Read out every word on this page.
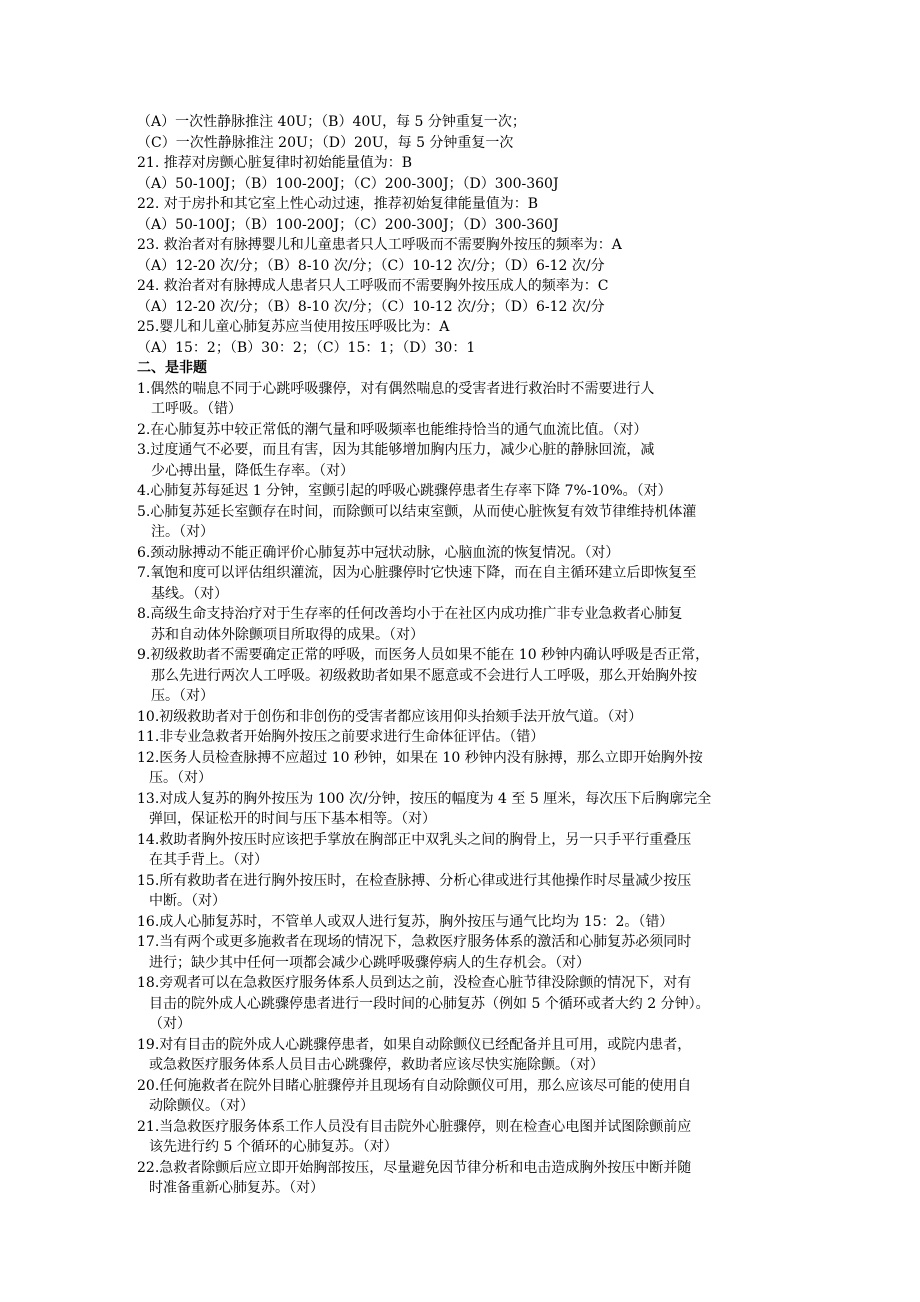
（A）一次性静脉推注 40U；（B）40U，每 5 分钟重复一次；
（C）一次性静脉推注 20U；（D）20U，每 5 分钟重复一次
21. 推荐对房颤心脏复律时初始能量值为：B
（A）50-100J；（B）100-200J；（C）200-300J；（D）300-360J
22. 对于房扑和其它室上性心动过速，推荐初始复律能量值为：B
（A）50-100J；（B）100-200J；（C）200-300J；（D）300-360J
23. 救治者对有脉搏婴儿和儿童患者只人工呼吸而不需要胸外按压的频率为：A
（A）12-20 次/分；（B）8-10 次/分；（C）10-12 次/分；（D）6-12 次/分
24. 救治者对有脉搏成人患者只人工呼吸而不需要胸外按压成人的频率为：C
（A）12-20 次/分；（B）8-10 次/分；（C）10-12 次/分；（D）6-12 次/分
25.婴儿和儿童心肺复苏应当使用按压呼吸比为：A
（A）15：2；（B）30：2；（C）15：1；（D）30：1
二、是非题
1.偶然的喘息不同于心跳呼吸骤停，对有偶然喘息的受害者进行救治时不需要进行人
工呼吸。（错）
2.在心肺复苏中较正常低的潮气量和呼吸频率也能维持恰当的通气血流比值。（对）
3.过度通气不必要，而且有害，因为其能够增加胸内压力，减少心脏的静脉回流，减
少心搏出量，降低生存率。（对）
4.心肺复苏每延迟 1 分钟，室颤引起的呼吸心跳骤停患者生存率下降 7%-10%。（对）
5.心肺复苏延长室颤存在时间，而除颤可以结束室颤，从而使心脏恢复有效节律维持机体灌
注。（对）
6.颈动脉搏动不能正确评价心肺复苏中冠状动脉，心脑血流的恢复情况。（对）
7.氧饱和度可以评估组织灌流，因为心脏骤停时它快速下降，而在自主循环建立后即恢复至
基线。（对）
8.高级生命支持治疗对于生存率的任何改善均小于在社区内成功推广非专业急救者心肺复
苏和自动体外除颤项目所取得的成果。（对）
9.初级救助者不需要确定正常的呼吸，而医务人员如果不能在 10 秒钟内确认呼吸是否正常，
那么先进行两次人工呼吸。初级救助者如果不愿意或不会进行人工呼吸，那么开始胸外按
压。（对）
10.初级救助者对于创伤和非创伤的受害者都应该用仰头抬颏手法开放气道。（对）
11.非专业急救者开始胸外按压之前要求进行生命体征评估。（错）
12.医务人员检查脉搏不应超过 10 秒钟，如果在 10 秒钟内没有脉搏，那么立即开始胸外按
压。（对）
13.对成人复苏的胸外按压为 100 次/分钟，按压的幅度为 4 至 5 厘米，每次压下后胸廓完全
弹回，保证松开的时间与压下基本相等。（对）
14.救助者胸外按压时应该把手掌放在胸部正中双乳头之间的胸骨上，另一只手平行重叠压
在其手背上。（对）
15.所有救助者在进行胸外按压时，在检查脉搏、分析心律或进行其他操作时尽量减少按压
中断。（对）
16.成人心肺复苏时，不管单人或双人进行复苏，胸外按压与通气比均为 15：2。（错）
17.当有两个或更多施救者在现场的情况下，急救医疗服务体系的激活和心肺复苏必须同时
进行；缺少其中任何一项都会减少心跳呼吸骤停病人的生存机会。（对）
18.旁观者可以在急救医疗服务体系人员到达之前，没检查心脏节律没除颤的情况下，对有
目击的院外成人心跳骤停患者进行一段时间的心肺复苏（例如 5 个循环或者大约 2 分钟）。
（对）
19.对有目击的院外成人心跳骤停患者，如果自动除颤仪已经配备并且可用，或院内患者，
或急救医疗服务体系人员目击心跳骤停，救助者应该尽快实施除颤。（对）
20.任何施救者在院外目睹心脏骤停并且现场有自动除颤仪可用，那么应该尽可能的使用自
动除颤仪。（对）
21.当急救医疗服务体系工作人员没有目击院外心脏骤停，则在检查心电图并试图除颤前应
该先进行约 5 个循环的心肺复苏。（对）
22.急救者除颤后应立即开始胸部按压，尽量避免因节律分析和电击造成胸外按压中断并随
时准备重新心肺复苏。（对）
